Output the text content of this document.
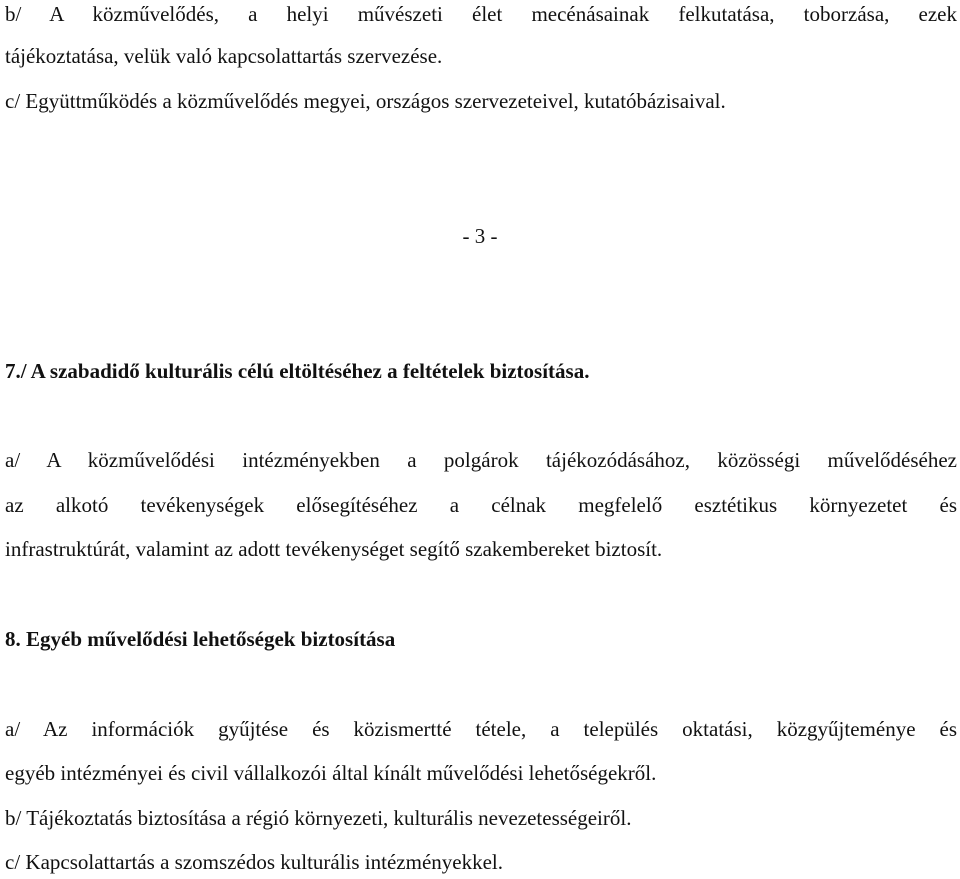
b/ A közművelődés, a helyi művészeti élet mecénásainak felkutatása, toborzása, ezek
tájékoztatása, velük való kapcsolattartás szervezése.
c/ Együttműködés a közművelődés megyei, országos szervezeteivel, kutatóbázisaival.
- 3 -
7./ A szabadidő kulturális célú eltöltéséhez a feltételek biztosítása.
a/ A közművelődési intézményekben a polgárok tájékozódásához, közösségi művelődéséhez
az alkotó tevékenységek elősegítéséhez a célnak megfelelő esztétikus környezetet és
infrastruktúrát, valamint az adott tevékenységet segítő szakembereket biztosít.
8. Egyéb művelődési lehetőségek biztosítása
a/ Az információk gyűjtése és közismertté tétele, a település oktatási, közgyűjteménye és
egyéb intézményei és civil vállalkozói által kínált művelődési lehetőségekről.
b/ Tájékoztatás biztosítása a régió környezeti, kulturális nevezetességeiről.
c/ Kapcsolattartás a szomszédos kulturális intézményekkel.
